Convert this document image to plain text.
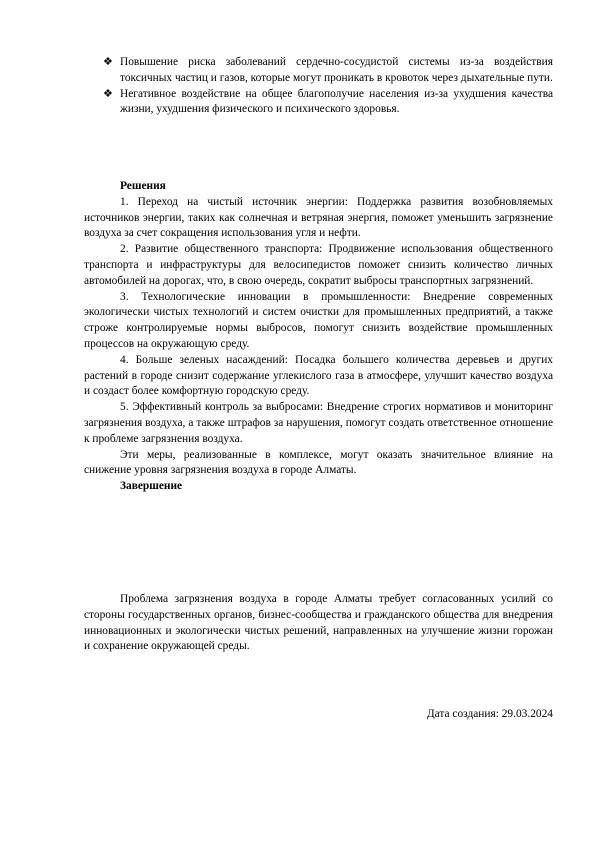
❖ Повышение риска заболеваний сердечно-сосудистой системы из-за воздействия токсичных частиц и газов, которые могут проникать в кровоток через дыхательные пути.
❖ Негативное воздействие на общее благополучие населения из-за ухудшения качества жизни, ухудшения физического и психического здоровья.

Решения

1. Переход на чистый источник энергии: Поддержка развития возобновляемых источников энергии, таких как солнечная и ветряная энергия, поможет уменьшить загрязнение воздуха за счет сокращения использования угля и нефти.

2. Развитие общественного транспорта: Продвижение использования общественного транспорта и инфраструктуры для велосипедистов поможет снизить количество личных автомобилей на дорогах, что, в свою очередь, сократит выбросы транспортных загрязнений.

3. Технологические инновации в промышленности: Внедрение современных экологически чистых технологий и систем очистки для промышленных предприятий, а также строже контролируемые нормы выбросов, помогут снизить воздействие промышленных процессов на окружающую среду.

4. Больше зеленых насаждений: Посадка большего количества деревьев и других растений в городе снизит содержание углекислого газа в атмосфере, улучшит качество воздуха и создаст более комфортную городскую среду.

5. Эффективный контроль за выбросами: Внедрение строгих нормативов и мониторинг загрязнения воздуха, а также штрафов за нарушения, помогут создать ответственное отношение к проблеме загрязнения воздуха.

Эти меры, реализованные в комплексе, могут оказать значительное влияние на снижение уровня загрязнения воздуха в городе Алматы.

Завершение

Проблема загрязнения воздуха в городе Алматы требует согласованных усилий со стороны государственных органов, бизнес-сообщества и гражданского общества для внедрения инновационных и экологически чистых решений, направленных на улучшение жизни горожан и сохранение окружающей среды.

Дата создания: 29.03.2024
